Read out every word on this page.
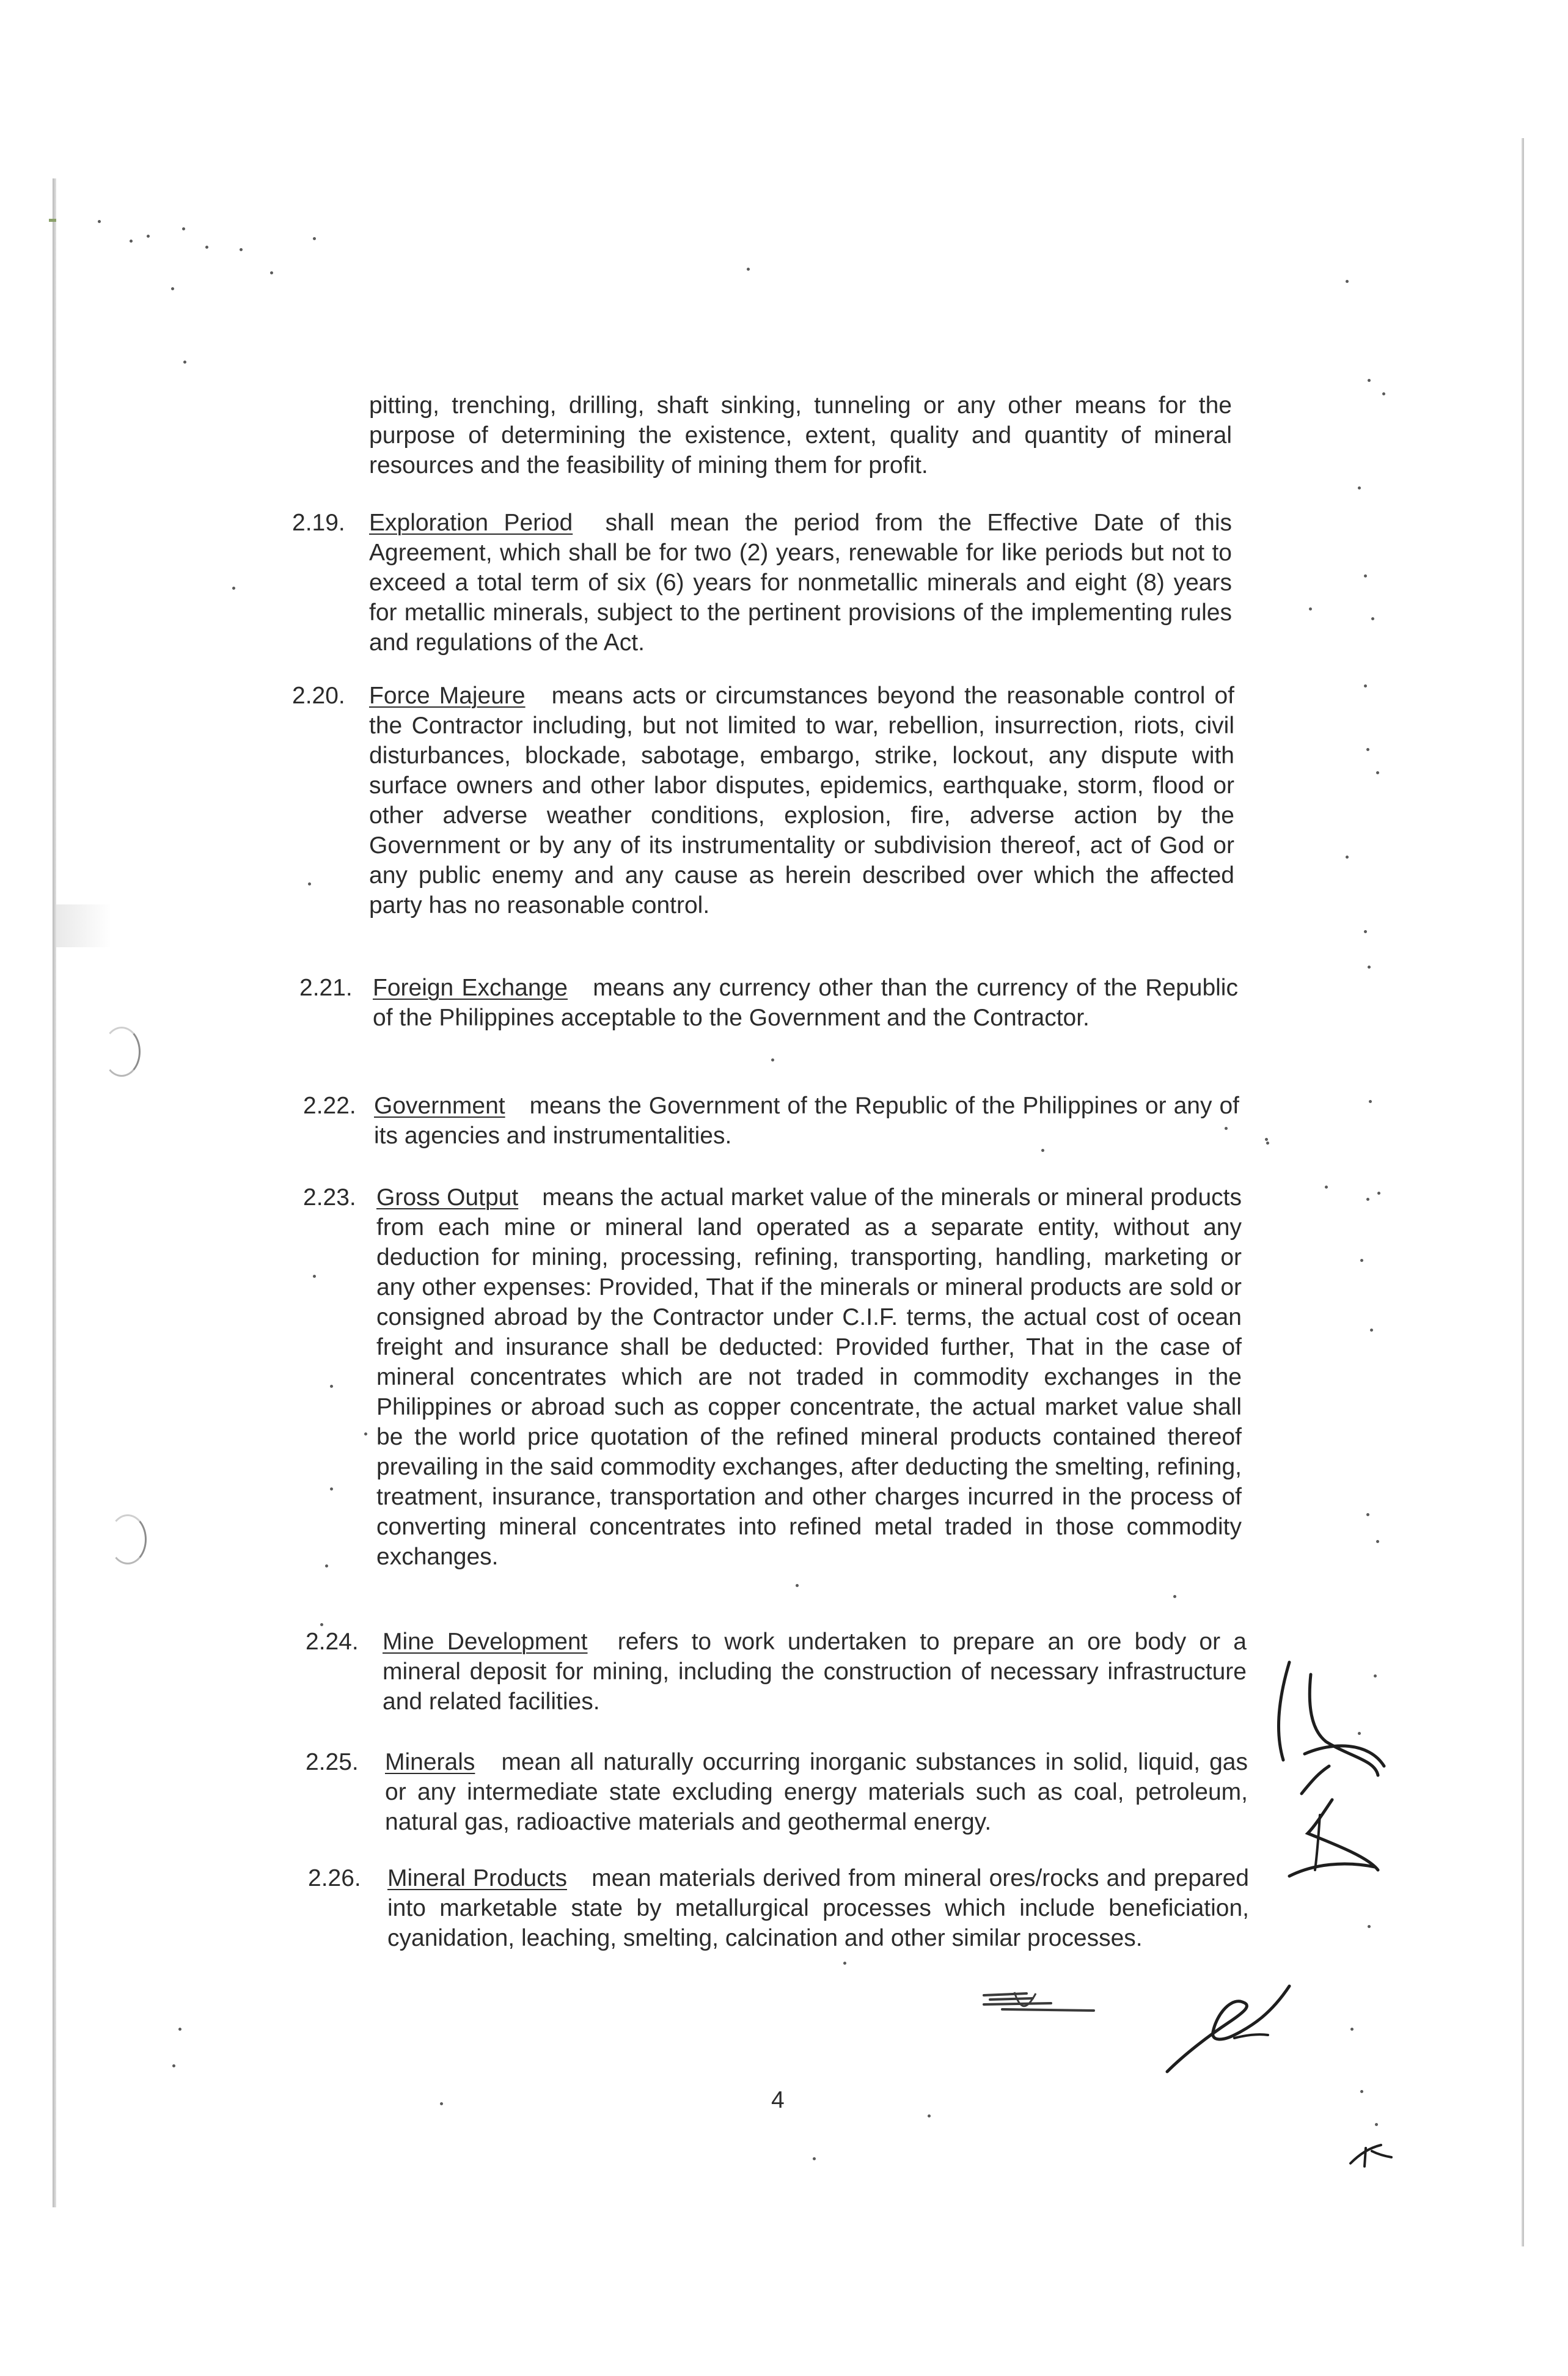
pitting, trenching, drilling, shaft sinking, tunneling or any other means for the purpose of determining the existence, extent, quality and quantity of mineral resources and the feasibility of mining them for profit.
2.19. Exploration Period shall mean the period from the Effective Date of this Agreement, which shall be for two (2) years, renewable for like periods but not to exceed a total term of six (6) years for nonmetallic minerals and eight (8) years for metallic minerals, subject to the pertinent provisions of the implementing rules and regulations of the Act.
2.20. Force Majeure means acts or circumstances beyond the reasonable control of the Contractor including, but not limited to war, rebellion, insurrection, riots, civil disturbances, blockade, sabotage, embargo, strike, lockout, any dispute with surface owners and other labor disputes, epidemics, earthquake, storm, flood or other adverse weather conditions, explosion, fire, adverse action by the Government or by any of its instrumentality or subdivision thereof, act of God or any public enemy and any cause as herein described over which the affected party has no reasonable control.
2.21. Foreign Exchange means any currency other than the currency of the Republic of the Philippines acceptable to the Government and the Contractor.
2.22. Government means the Government of the Republic of the Philippines or any of its agencies and instrumentalities.
2.23. Gross Output means the actual market value of the minerals or mineral products from each mine or mineral land operated as a separate entity, without any deduction for mining, processing, refining, transporting, handling, marketing or any other expenses: Provided, That if the minerals or mineral products are sold or consigned abroad by the Contractor under C.I.F. terms, the actual cost of ocean freight and insurance shall be deducted: Provided further, That in the case of mineral concentrates which are not traded in commodity exchanges in the Philippines or abroad such as copper concentrate, the actual market value shall be the world price quotation of the refined mineral products contained thereof prevailing in the said commodity exchanges, after deducting the smelting, refining, treatment, insurance, transportation and other charges incurred in the process of converting mineral concentrates into refined metal traded in those commodity exchanges.
2.24. Mine Development refers to work undertaken to prepare an ore body or a mineral deposit for mining, including the construction of necessary infrastructure and related facilities.
2.25. Minerals mean all naturally occurring inorganic substances in solid, liquid, gas or any intermediate state excluding energy materials such as coal, petroleum, natural gas, radioactive materials and geothermal energy.
2.26. Mineral Products mean materials derived from mineral ores/rocks and prepared into marketable state by metallurgical processes which include beneficiation, cyanidation, leaching, smelting, calcination and other similar processes.
4
